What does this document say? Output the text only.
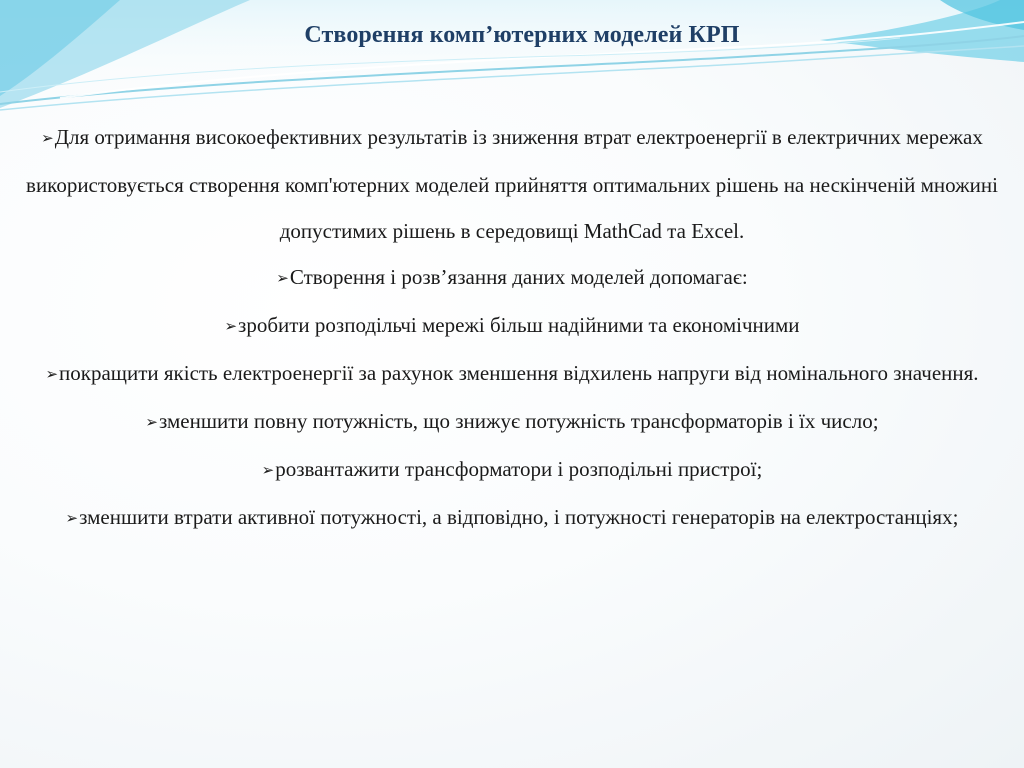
Створення комп’ютерних моделей КРП

➢Для отримання високоефективних результатів із зниження втрат електроенергії в електричних мережах використовується створення комп'ютерних моделей прийняття оптимальних рішень на нескінченій множині допустимих рішень в середовищі MathCad та Excel.

➢Створення і розв’язання даних моделей допомагає:

➢зробити розподільчі мережі більш надійними та економічними

➢покращити якість електроенергії за рахунок зменшення відхилень напруги від номінального значення.

➢зменшити повну потужність, що знижує потужність трансформаторів і їх число;

➢розвантажити трансформатори і розподільні пристрої;

➢зменшити втрати активної потужності, а відповідно, і потужності генераторів на електростанціях;
